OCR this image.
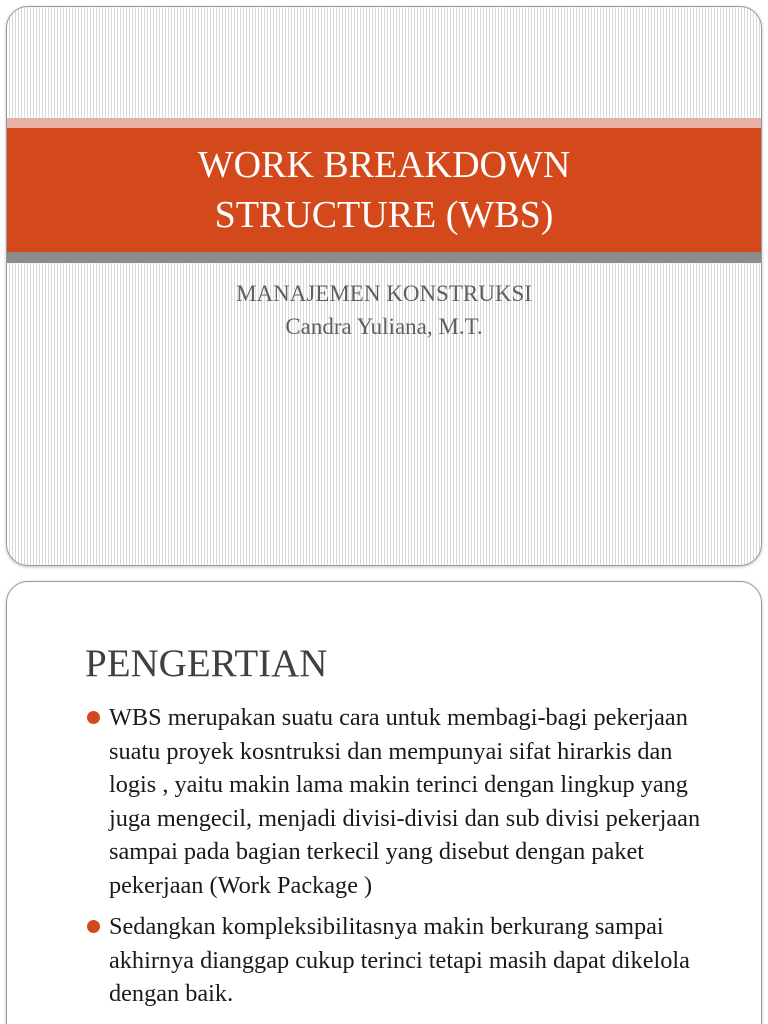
WORK BREAKDOWN STRUCTURE (WBS)
MANAJEMEN KONSTRUKSI
Candra Yuliana, M.T.
PENGERTIAN
WBS merupakan suatu cara untuk membagi-bagi pekerjaan suatu proyek kosntruksi dan mempunyai sifat hirarkis dan logis , yaitu makin lama makin terinci dengan lingkup yang juga mengecil, menjadi divisi-divisi dan sub divisi pekerjaan sampai pada bagian terkecil yang disebut dengan paket pekerjaan (Work Package )
Sedangkan kompleksibilitasnya makin berkurang sampai akhirnya dianggap cukup terinci tetapi masih dapat dikelola dengan baik.
